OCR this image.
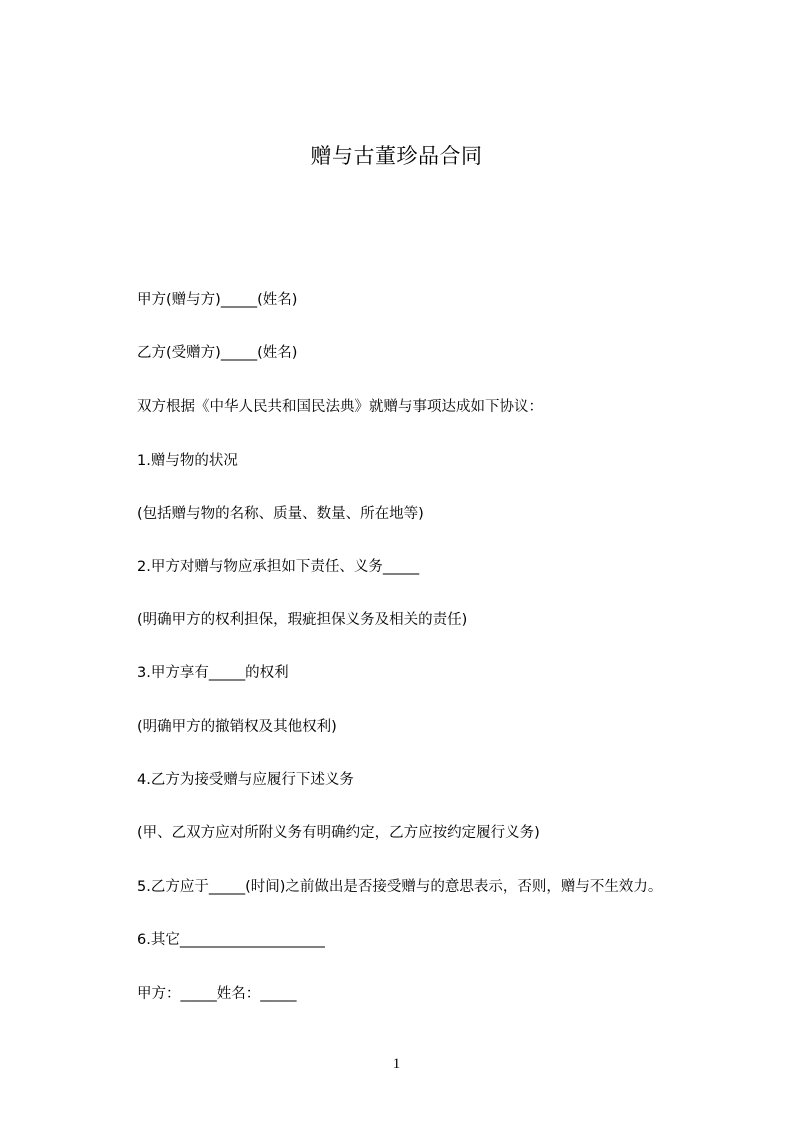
赠与古董珍品合同
甲方(赠与方)_____(姓名)
乙方(受赠方)_____(姓名)
双方根据《中华人民共和国民法典》就赠与事项达成如下协议：
1.赠与物的状况
(包括赠与物的名称、质量、数量、所在地等)
2.甲方对赠与物应承担如下责任、义务_____
(明确甲方的权利担保，瑕疵担保义务及相关的责任)
3.甲方享有_____的权利
(明确甲方的撤销权及其他权利)
4.乙方为接受赠与应履行下述义务
(甲、乙双方应对所附义务有明确约定，乙方应按约定履行义务)
5.乙方应于_____(时间)之前做出是否接受赠与的意思表示，否则，赠与不生效力。
6.其它____________________
甲方：_____姓名：_____
1
